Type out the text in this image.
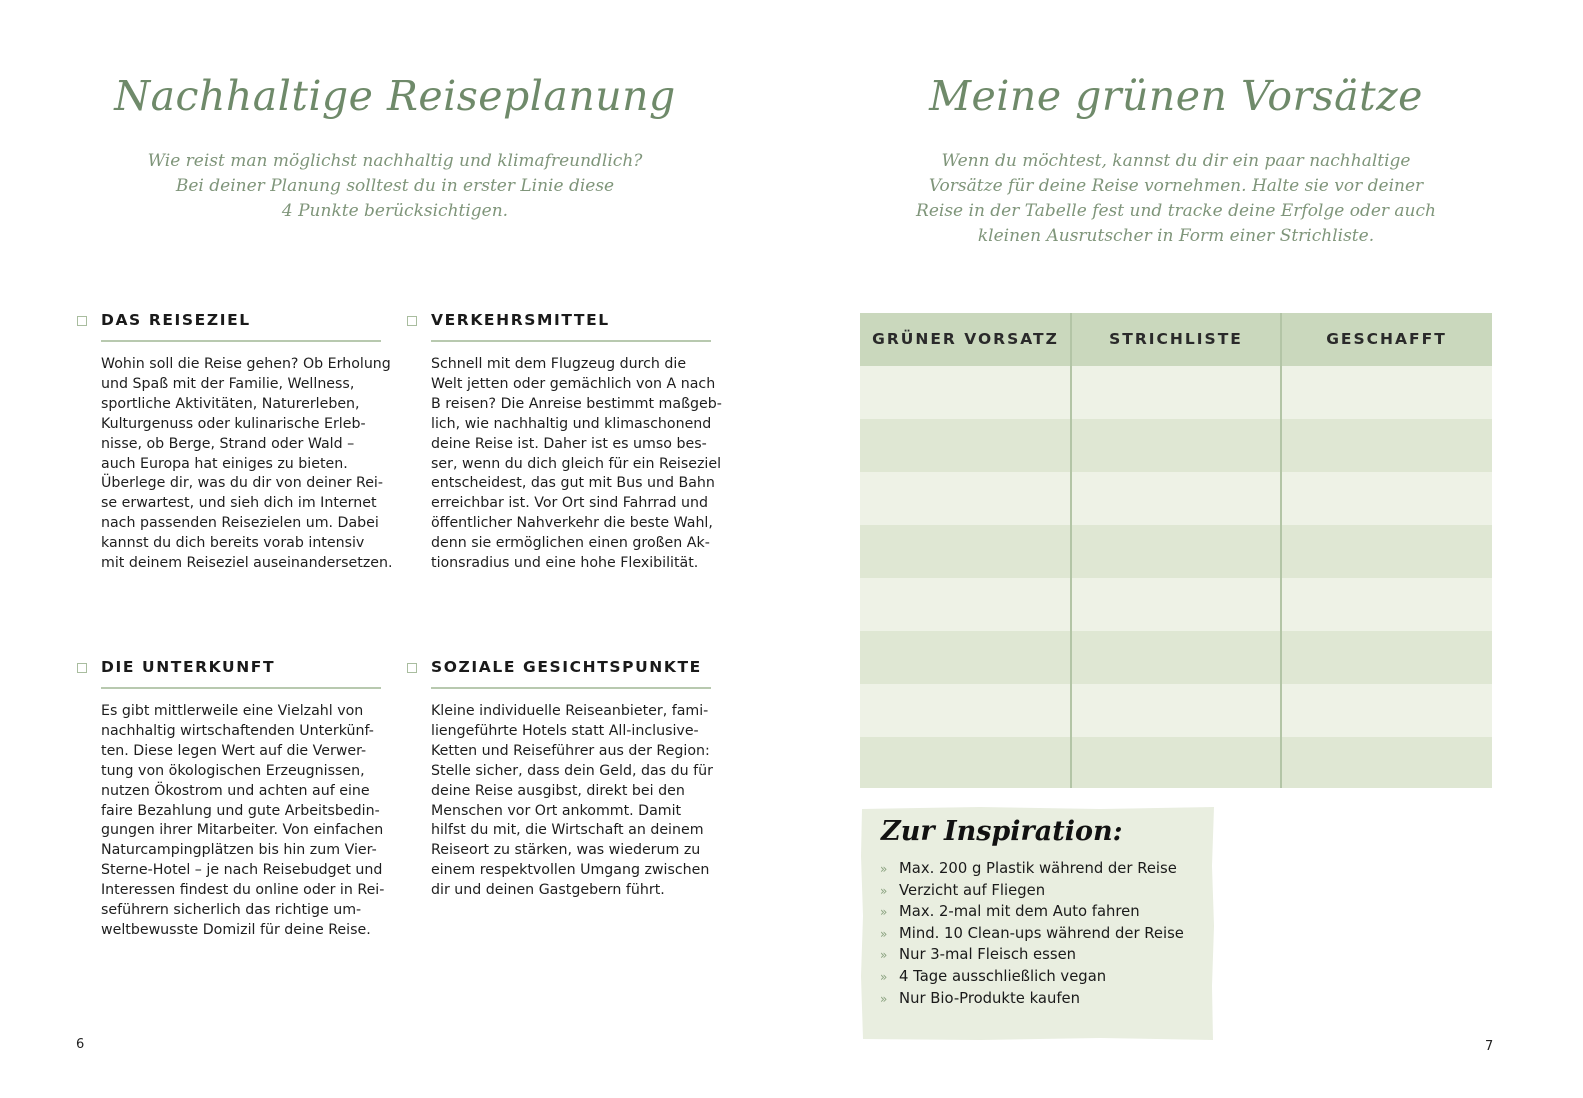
Nachhaltige Reiseplanung

Wie reist man möglichst nachhaltig und klimafreundlich?
Bei deiner Planung solltest du in erster Linie diese
4 Punkte berücksichtigen.

DAS REISEZIEL
Wohin soll die Reise gehen? Ob Erholung
und Spaß mit der Familie, Wellness,
sportliche Aktivitäten, Naturerleben,
Kulturgenuss oder kulinarische Erleb-
nisse, ob Berge, Strand oder Wald –
auch Europa hat einiges zu bieten.
Überlege dir, was du dir von deiner Rei-
se erwartest, und sieh dich im Internet
nach passenden Reisezielen um. Dabei
kannst du dich bereits vorab intensiv
mit deinem Reiseziel auseinandersetzen.
VERKEHRSMITTEL
Schnell mit dem Flugzeug durch die
Welt jetten oder gemächlich von A nach
B reisen? Die Anreise bestimmt maßgeb-
lich, wie nachhaltig und klimaschonend
deine Reise ist. Daher ist es umso bes-
ser, wenn du dich gleich für ein Reiseziel
entscheidest, das gut mit Bus und Bahn
erreichbar ist. Vor Ort sind Fahrrad und
öffentlicher Nahverkehr die beste Wahl,
denn sie ermöglichen einen großen Ak-
tionsradius und eine hohe Flexibilität.
DIE UNTERKUNFT
Es gibt mittlerweile eine Vielzahl von
nachhaltig wirtschaftenden Unterkünf-
ten. Diese legen Wert auf die Verwer-
tung von ökologischen Erzeugnissen,
nutzen Ökostrom und achten auf eine
faire Bezahlung und gute Arbeitsbedin-
gungen ihrer Mitarbeiter. Von einfachen
Naturcampingplätzen bis hin zum Vier-
Sterne-Hotel – je nach Reisebudget und
Interessen findest du online oder in Rei-
seführern sicherlich das richtige um-
weltbewusste Domizil für deine Reise.
SOZIALE GESICHTSPUNKTE
Kleine individuelle Reiseanbieter, fami-
liengeführte Hotels statt All-inclusive-
Ketten und Reiseführer aus der Region:
Stelle sicher, dass dein Geld, das du für
deine Reise ausgibst, direkt bei den
Menschen vor Ort ankommt. Damit
hilfst du mit, die Wirtschaft an deinem
Reiseort zu stärken, was wiederum zu
einem respektvollen Umgang zwischen
dir und deinen Gastgebern führt.

6

Meine grünen Vorsätze

Wenn du möchtest, kannst du dir ein paar nachhaltige
Vorsätze für deine Reise vornehmen. Halte sie vor deiner
Reise in der Tabelle fest und tracke deine Erfolge oder auch
kleinen Ausrutscher in Form einer Strichliste.

GRÜNER VORSATZ	STRICHLISTE	GESCHAFFT

Zur Inspiration:

» Max. 200 g Plastik während der Reise
» Verzicht auf Fliegen
» Max. 2-mal mit dem Auto fahren
» Mind. 10 Clean-ups während der Reise
» Nur 3-mal Fleisch essen
» 4 Tage ausschließlich vegan
» Nur Bio-Produkte kaufen

7
